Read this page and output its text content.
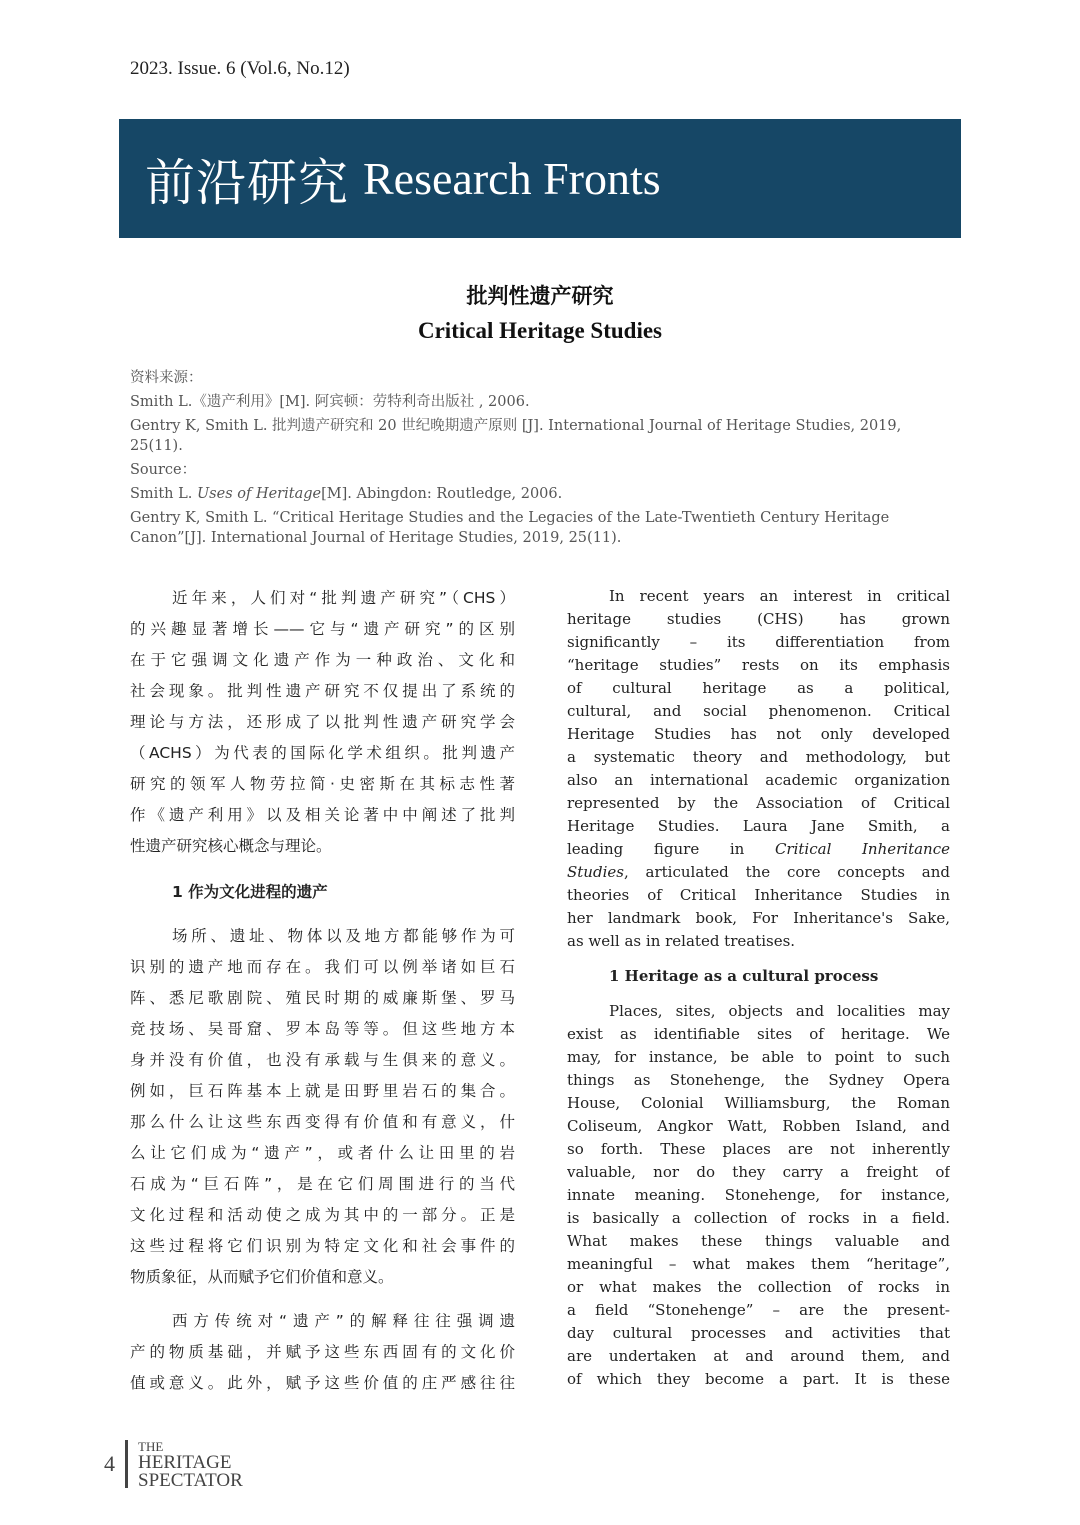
2023. Issue. 6 (Vol.6, No.12)
前沿研究 Research Fronts
批判性遗产研究
Critical Heritage Studies
资料来源：
Smith L.《遗产利用》[M]. 阿宾顿：劳特利奇出版社 , 2006.
Gentry K, Smith L. 批判遗产研究和 20 世纪晚期遗产原则 [J]. International Journal of Heritage Studies, 2019, 25(11).
Source：
Smith L. Uses of Heritage[M]. Abingdon: Routledge, 2006.
Gentry K, Smith L. “Critical Heritage Studies and the Legacies of the Late-Twentieth Century Heritage Canon”[J]. International Journal of Heritage Studies, 2019, 25(11).
近年来，人们对“批判遗产研究”（CHS）
的兴趣显著增长——它与“遗产研究”的区别
在于它强调文化遗产作为一种政治、文化和
社会现象。批判性遗产研究不仅提出了系统的
理论与方法，还形成了以批判性遗产研究学会
（ACHS）为代表的国际化学术组织。批判遗产
研究的领军人物劳拉简·史密斯在其标志性著
作《遗产利用》以及相关论著中中阐述了批判
性遗产研究核心概念与理论。
1 作为文化进程的遗产
场所、遗址、物体以及地方都能够作为可
识别的遗产地而存在。我们可以例举诸如巨石
阵、悉尼歌剧院、殖民时期的威廉斯堡、罗马
竞技场、吴哥窟、罗本岛等等。但这些地方本
身并没有价值，也没有承载与生俱来的意义。
例如，巨石阵基本上就是田野里岩石的集合。
那么什么让这些东西变得有价值和有意义，什
么让它们成为“遗产”，或者什么让田里的岩
石成为“巨石阵”，是在它们周围进行的当代
文化过程和活动使之成为其中的一部分。正是
这些过程将它们识别为特定文化和社会事件的
物质象征，从而赋予它们价值和意义。
西方传统对“遗产”的解释往往强调遗
产的物质基础，并赋予这些东西固有的文化价
值或意义。此外，赋予这些价值的庄严感往往
In recent years an interest in critical
heritage studies (CHS) has grown
significantly – its differentiation from
“heritage studies” rests on its emphasis
of cultural heritage as a political,
cultural, and social phenomenon. Critical
Heritage Studies has not only developed
a systematic theory and methodology, but
also an international academic organization
represented by the Association of Critical
Heritage Studies. Laura Jane Smith, a
leading figure in Critical Inheritance
Studies, articulated the core concepts and
theories of Critical Inheritance Studies in
her landmark book, For Inheritance's Sake,
as well as in related treatises.
1 Heritage as a cultural process
Places, sites, objects and localities may
exist as identifiable sites of heritage. We
may, for instance, be able to point to such
things as Stonehenge, the Sydney Opera
House, Colonial Williamsburg, the Roman
Coliseum, Angkor Watt, Robben Island, and
so forth. These places are not inherently
valuable, nor do they carry a freight of
innate meaning. Stonehenge, for instance,
is basically a collection of rocks in a field.
What makes these things valuable and
meaningful – what makes them “heritage”,
or what makes the collection of rocks in
a field “Stonehenge” – are the present-
day cultural processes and activities that
are undertaken at and around them, and
of which they become a part. It is these
4
THE
HERITAGE
SPECTATOR
